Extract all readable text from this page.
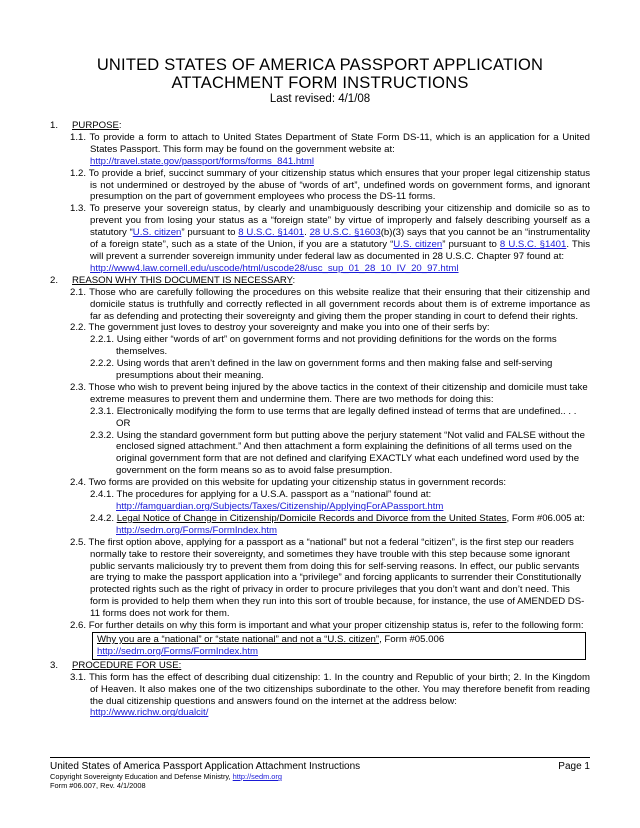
UNITED STATES OF AMERICA PASSPORT APPLICATION
ATTACHMENT FORM INSTRUCTIONS
Last revised: 4/1/08
1. PURPOSE:
1.1. To provide a form to attach to United States Department of State Form DS-11, which is an application for a United States Passport. This form may be found on the government website at:
http://travel.state.gov/passport/forms/forms_841.html
1.2. To provide a brief, succinct summary of your citizenship status which ensures that your proper legal citizenship status is not undermined or destroyed by the abuse of “words of art”, undefined words on government forms, and ignorant presumption on the part of government employees who process the DS-11 forms.
1.3. To preserve your sovereign status, by clearly and unambiguously describing your citizenship and domicile so as to prevent you from losing your status as a “foreign state” by virtue of improperly and falsely describing yourself as a statutory “U.S. citizen” pursuant to 8 U.S.C. §1401. 28 U.S.C. §1603(b)(3) says that you cannot be an “instrumentality of a foreign state”, such as a state of the Union, if you are a statutory “U.S. citizen” pursuant to 8 U.S.C. §1401. This will prevent a surrender sovereign immunity under federal law as documented in 28 U.S.C. Chapter 97 found at:
http://www4.law.cornell.edu/uscode/html/uscode28/usc_sup_01_28_10_IV_20_97.html
2. REASON WHY THIS DOCUMENT IS NECESSARY:
2.1. Those who are carefully following the procedures on this website realize that their ensuring that their citizenship and domicile status is truthfully and correctly reflected in all government records about them is of extreme importance as far as defending and protecting their sovereignty and giving them the proper standing in court to defend their rights.
2.2. The government just loves to destroy your sovereignty and make you into one of their serfs by:
2.2.1. Using either “words of art” on government forms and not providing definitions for the words on the forms themselves.
2.2.2. Using words that aren’t defined in the law on government forms and then making false and self-serving presumptions about their meaning.
2.3. Those who wish to prevent being injured by the above tactics in the context of their citizenship and domicile must take extreme measures to prevent them and undermine them. There are two methods for doing this:
2.3.1. Electronically modifying the form to use terms that are legally defined instead of terms that are undefined.. . .
OR
2.3.2. Using the standard government form but putting above the perjury statement “Not valid and FALSE without the enclosed signed attachment.” And then attachment a form explaining the definitions of all terms used on the original government form that are not defined and clarifying EXACTLY what each undefined word used by the government on the form means so as to avoid false presumption.
2.4. Two forms are provided on this website for updating your citizenship status in government records:
2.4.1. The procedures for applying for a U.S.A. passport as a “national” found at:
http://famguardian.org/Subjects/Taxes/Citizenship/ApplyingForAPassport.htm
2.4.2. Legal Notice of Change in Citizenship/Domicile Records and Divorce from the United States, Form #06.005 at:
http://sedm.org/Forms/FormIndex.htm
2.5. The first option above, applying for a passport as a “national” but not a federal “citizen”, is the first step our readers normally take to restore their sovereignty, and sometimes they have trouble with this step because some ignorant public servants maliciously try to prevent them from doing this for self-serving reasons. In effect, our public servants are trying to make the passport application into a “privilege” and forcing applicants to surrender their Constitutionally protected rights such as the right of privacy in order to procure privileges that you don’t want and don’t need. This form is provided to help them when they run into this sort of trouble because, for instance, the use of AMENDED DS-11 forms does not work for them.
2.6. For further details on why this form is important and what your proper citizenship status is, refer to the following form:
Why you are a “national” or “state national” and not a “U.S. citizen”, Form #05.006
http://sedm.org/Forms/FormIndex.htm
3. PROCEDURE FOR USE:
3.1. This form has the effect of describing dual citizenship: 1. In the country and Republic of your birth; 2. In the Kingdom of Heaven. It also makes one of the two citizenships subordinate to the other. You may therefore benefit from reading the dual citizenship questions and answers found on the internet at the address below:
http://www.richw.org/dualcit/
United States of America Passport Application Attachment Instructions	Page 1
Copyright Sovereignty Education and Defense Ministry, http://sedm.org
Form #06.007, Rev. 4/1/2008
